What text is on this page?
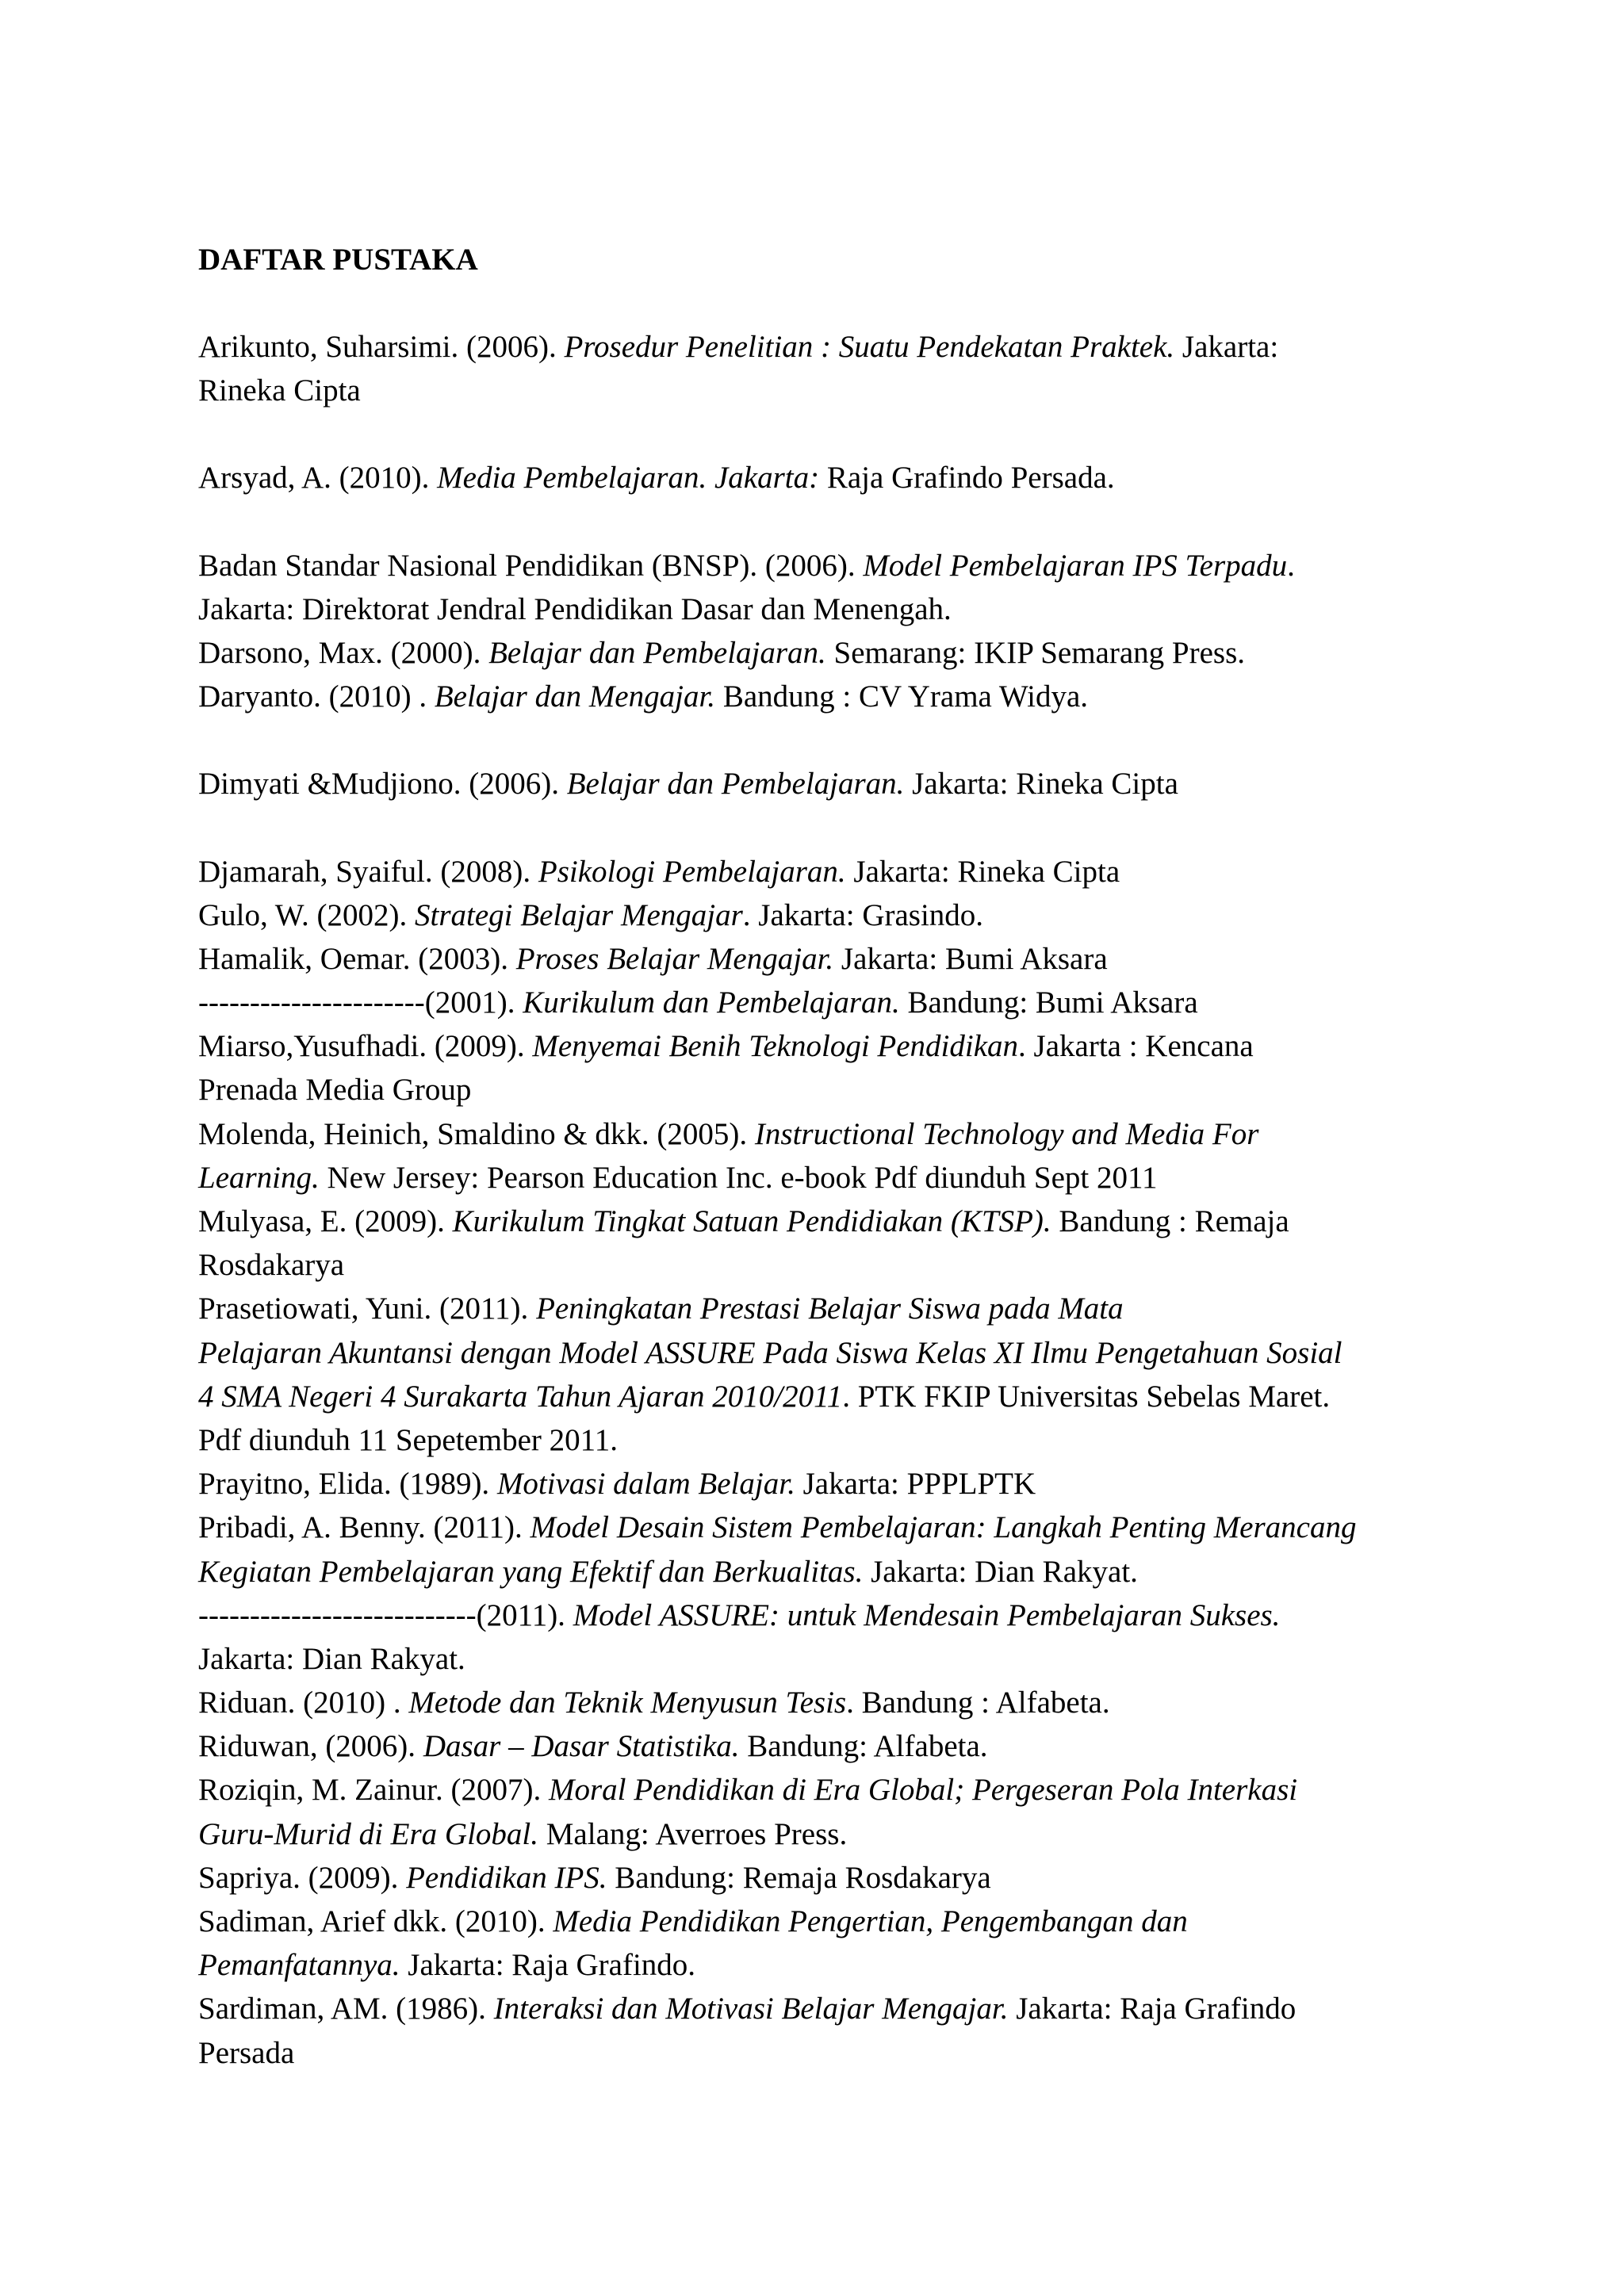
DAFTAR PUSTAKA
Arikunto, Suharsimi. (2006). Prosedur Penelitian : Suatu Pendekatan Praktek. Jakarta:
Rineka Cipta
Arsyad, A. (2010). Media Pembelajaran. Jakarta: Raja Grafindo Persada.
Badan Standar Nasional Pendidikan (BNSP). (2006). Model Pembelajaran IPS Terpadu.
Jakarta: Direktorat Jendral Pendidikan Dasar dan Menengah.
Darsono, Max. (2000). Belajar dan Pembelajaran. Semarang: IKIP Semarang Press.
Daryanto. (2010) . Belajar dan Mengajar. Bandung : CV Yrama Widya.
Dimyati &Mudjiono. (2006). Belajar dan Pembelajaran. Jakarta: Rineka Cipta
Djamarah, Syaiful. (2008). Psikologi Pembelajaran. Jakarta: Rineka Cipta
Gulo, W. (2002). Strategi Belajar Mengajar. Jakarta: Grasindo.
Hamalik, Oemar. (2003). Proses Belajar Mengajar. Jakarta: Bumi Aksara
----------------------(2001). Kurikulum dan Pembelajaran. Bandung: Bumi Aksara
Miarso,Yusufhadi. (2009). Menyemai Benih Teknologi Pendidikan. Jakarta : Kencana
Prenada Media Group
Molenda, Heinich, Smaldino & dkk. (2005). Instructional Technology and Media For
Learning. New Jersey: Pearson Education Inc. e-book Pdf diunduh Sept 2011
Mulyasa, E. (2009). Kurikulum Tingkat Satuan Pendidiakan (KTSP). Bandung : Remaja
Rosdakarya
Prasetiowati, Yuni. (2011). Peningkatan Prestasi Belajar Siswa pada Mata
Pelajaran Akuntansi dengan Model ASSURE Pada Siswa Kelas XI Ilmu Pengetahuan Sosial
4 SMA Negeri 4 Surakarta Tahun Ajaran 2010/2011. PTK FKIP Universitas Sebelas Maret.
Pdf diunduh 11 Sepetember 2011.
Prayitno, Elida. (1989). Motivasi dalam Belajar. Jakarta: PPPLPTK
Pribadi, A. Benny. (2011). Model Desain Sistem Pembelajaran: Langkah Penting Merancang
Kegiatan Pembelajaran yang Efektif dan Berkualitas. Jakarta: Dian Rakyat.
---------------------------(2011). Model ASSURE: untuk Mendesain Pembelajaran Sukses.
Jakarta: Dian Rakyat.
Riduan. (2010) . Metode dan Teknik Menyusun Tesis. Bandung : Alfabeta.
Riduwan, (2006). Dasar – Dasar Statistika. Bandung: Alfabeta.
Roziqin, M. Zainur. (2007). Moral Pendidikan di Era Global; Pergeseran Pola Interkasi
Guru-Murid di Era Global. Malang: Averroes Press.
Sapriya. (2009). Pendidikan IPS. Bandung: Remaja Rosdakarya
Sadiman, Arief dkk. (2010). Media Pendidikan Pengertian, Pengembangan dan
Pemanfatannya. Jakarta: Raja Grafindo.
Sardiman, AM. (1986). Interaksi dan Motivasi Belajar Mengajar. Jakarta: Raja Grafindo
Persada
